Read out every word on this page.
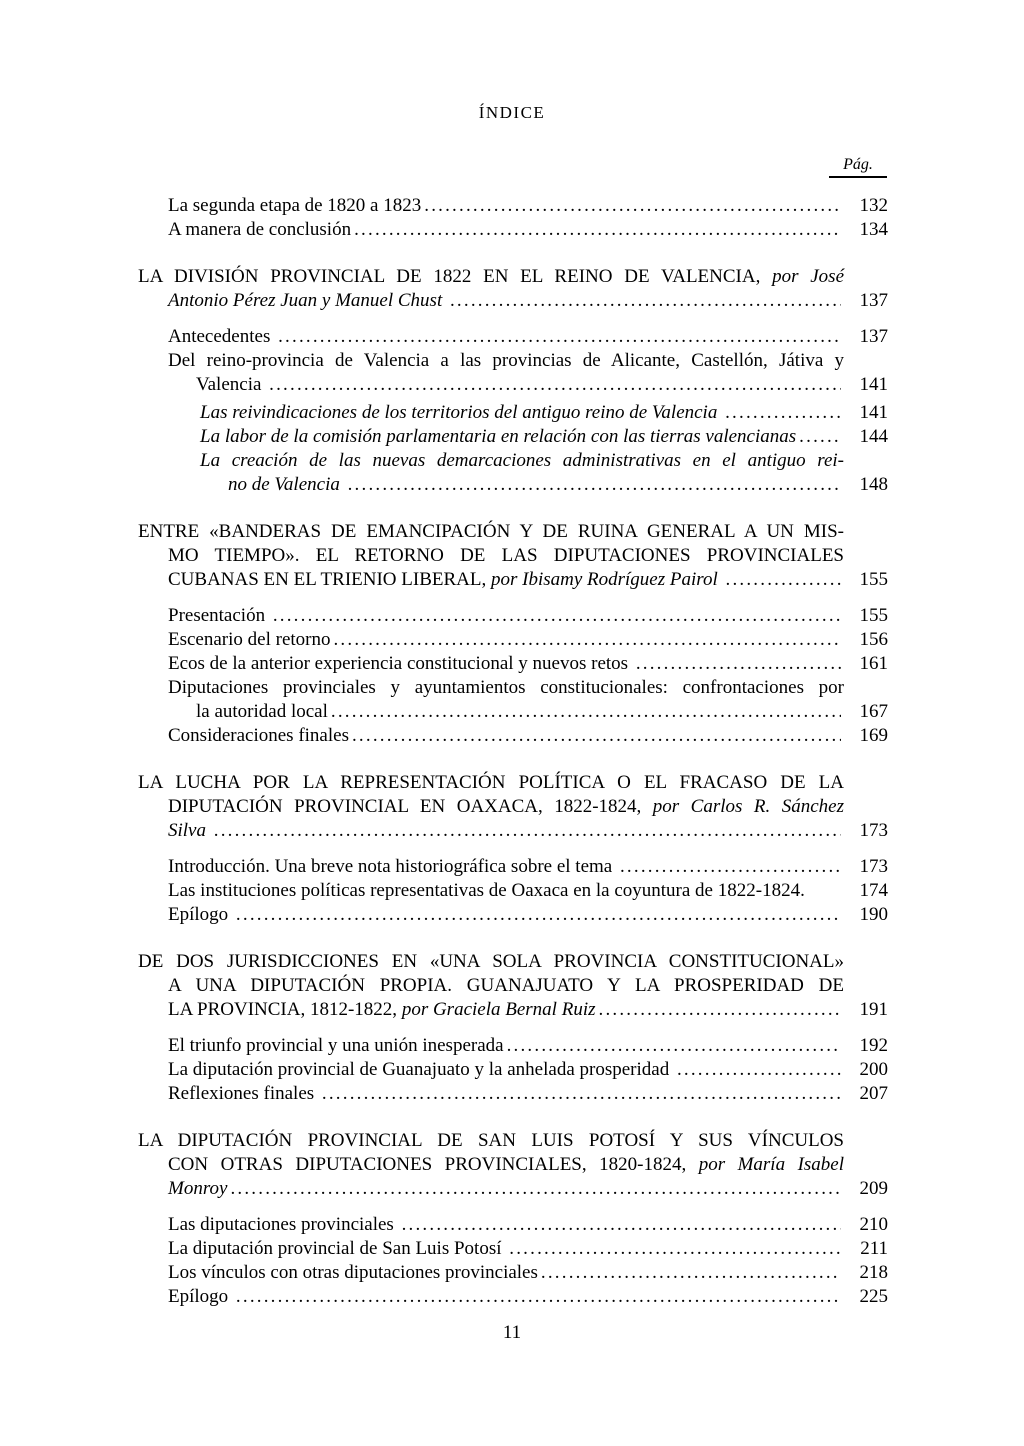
ÍNDICE
Pág.
La segunda etapa de 1820 a 1823 .....	132
A manera de conclusión .....	134
LA DIVISIÓN PROVINCIAL DE 1822 EN EL REINO DE VALENCIA, por José
Antonio Pérez Juan y Manuel Chust .....	137
Antecedentes .....	137
Del reino-provincia de Valencia a las provincias de Alicante, Castellón, Játiva y
Valencia .....	141
Las reivindicaciones de los territorios del antiguo reino de Valencia .....	141
La labor de la comisión parlamentaria en relación con las tierras valencianas .....	144
La creación de las nuevas demarcaciones administrativas en el antiguo rei-
no de Valencia .....	148
ENTRE «BANDERAS DE EMANCIPACIÓN Y DE RUINA GENERAL A UN MIS-
MO TIEMPO». EL RETORNO DE LAS DIPUTACIONES PROVINCIALES
CUBANAS EN EL TRIENIO LIBERAL, por Ibisamy Rodríguez Pairol .....	155
Presentación .....	155
Escenario del retorno .....	156
Ecos de la anterior experiencia constitucional y nuevos retos .....	161
Diputaciones provinciales y ayuntamientos constitucionales: confrontaciones por
la autoridad local .....	167
Consideraciones finales .....	169
LA LUCHA POR LA REPRESENTACIÓN POLÍTICA O EL FRACASO DE LA
DIPUTACIÓN PROVINCIAL EN OAXACA, 1822-1824, por Carlos R. Sánchez
Silva .....	173
Introducción. Una breve nota historiográfica sobre el tema .....	173
Las instituciones políticas representativas de Oaxaca en la coyuntura de 1822-1824.	174
Epílogo .....	190
DE DOS JURISDICCIONES EN «UNA SOLA PROVINCIA CONSTITUCIONAL»
A UNA DIPUTACIÓN PROPIA. GUANAJUATO Y LA PROSPERIDAD DE
LA PROVINCIA, 1812-1822, por Graciela Bernal Ruiz .....	191
El triunfo provincial y una unión inesperada .....	192
La diputación provincial de Guanajuato y la anhelada prosperidad .....	200
Reflexiones finales .....	207
LA DIPUTACIÓN PROVINCIAL DE SAN LUIS POTOSÍ Y SUS VÍNCULOS
CON OTRAS DIPUTACIONES PROVINCIALES, 1820-1824, por María Isabel
Monroy .....	209
Las diputaciones provinciales .....	210
La diputación provincial de San Luis Potosí .....	211
Los vínculos con otras diputaciones provinciales .....	218
Epílogo .....	225
11
